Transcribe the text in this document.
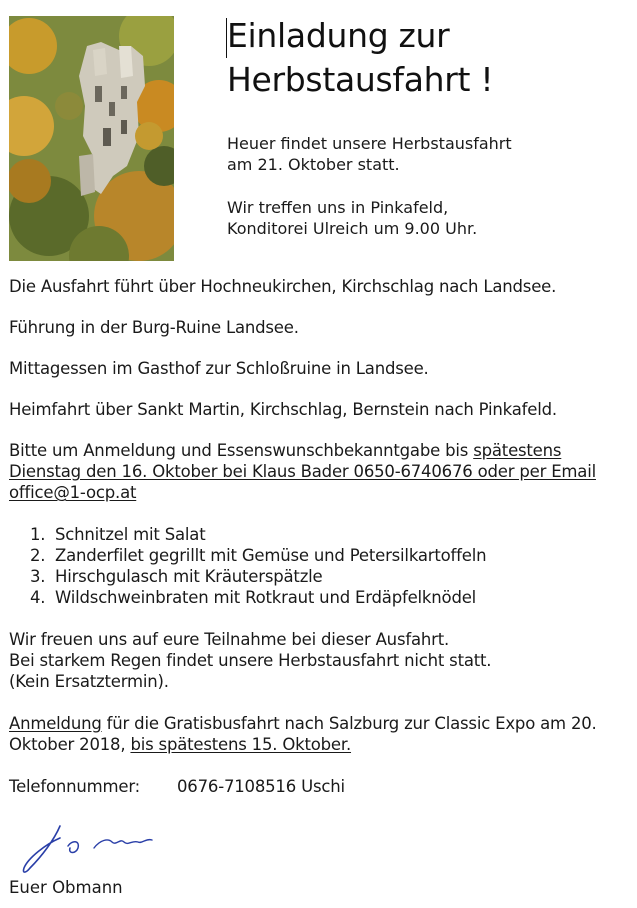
Einladung zur
Herbstausfahrt !

Heuer findet unsere Herbstausfahrt

am 21. Oktober statt.

Wir treffen uns in Pinkafeld,

Konditorei Ulreich um 9.00 Uhr.

Die Ausfahrt führt über Hochneukirchen, Kirchschlag nach Landsee.

Führung in der Burg-Ruine Landsee.

Mittagessen im Gasthof zur Schloßruine in Landsee.

Heimfahrt über Sankt Martin, Kirchschlag, Bernstein nach Pinkafeld.

Bitte um Anmeldung und Essenswunschbekanntgabe bis spätestens Dienstag den 16. Oktober bei Klaus Bader 0650-6740676 oder per Email office@1-ocp.at

1. Schnitzel mit Salat
2. Zanderfilet gegrillt mit Gemüse und Petersilkartoffeln
3. Hirschgulasch mit Kräuterspätzle
4. Wildschweinbraten mit Rotkraut und Erdäpfelknödel

Wir freuen uns auf eure Teilnahme bei dieser Ausfahrt.

Bei starkem Regen findet unsere Herbstausfahrt nicht statt.

(Kein Ersatztermin).

Anmeldung für die Gratisbusfahrt nach Salzburg zur Classic Expo am 20. Oktober 2018, bis spätestens 15. Oktober.

Telefonnummer: 0676-7108516 Uschi

Euer Obmann
